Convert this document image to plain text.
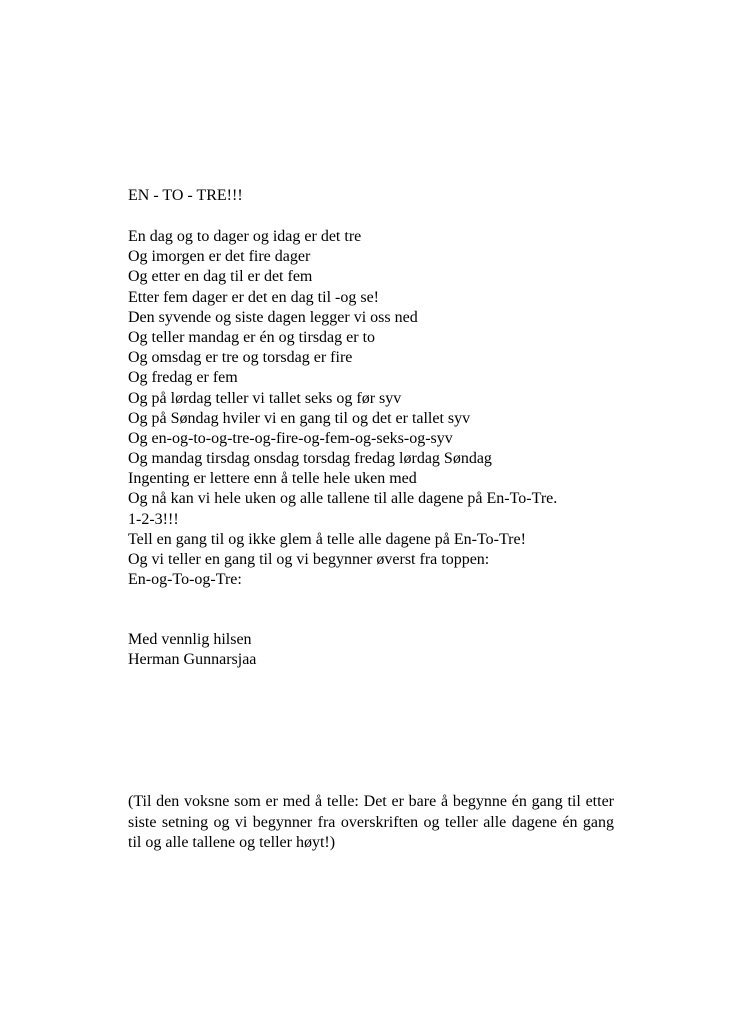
EN - TO - TRE!!!
En dag og to dager og idag er det tre
Og imorgen er det fire dager
Og etter en dag til er det fem
Etter fem dager er det en dag til -og se!
Den syvende og siste dagen legger vi oss ned
Og teller mandag er én og tirsdag er to
Og omsdag er tre og torsdag er fire
Og fredag er fem
Og på lørdag teller vi tallet seks og før syv
Og på Søndag hviler vi en gang til og det er tallet syv
Og en-og-to-og-tre-og-fire-og-fem-og-seks-og-syv
Og mandag tirsdag onsdag torsdag fredag lørdag Søndag
Ingenting er lettere enn å telle hele uken med
Og nå kan vi hele uken og alle tallene til alle dagene på En-To-Tre.
1-2-3!!!
Tell en gang til og ikke glem å telle alle dagene på En-To-Tre!
Og vi teller en gang til og vi begynner øverst fra toppen:
En-og-To-og-Tre:
Med vennlig hilsen
Herman Gunnarsjaa
(Til den voksne som er med å telle: Det er bare å begynne én gang til etter siste setning og vi begynner fra overskriften og teller alle dagene én gang til og alle tallene og teller høyt!)
